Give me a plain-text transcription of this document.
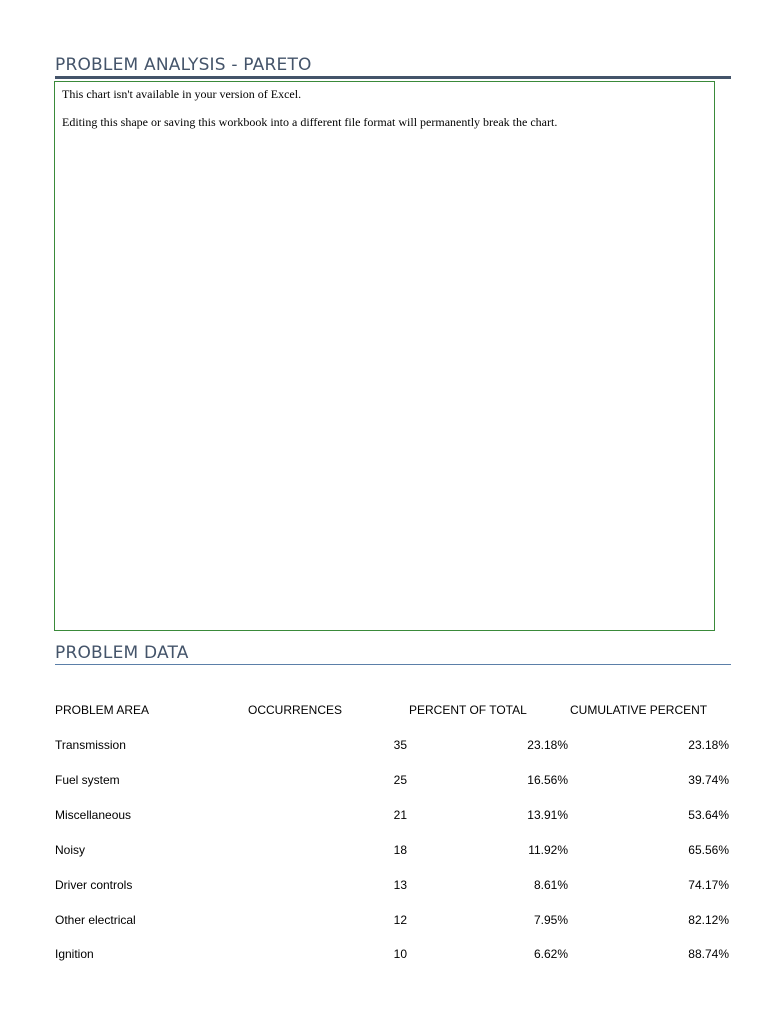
PROBLEM ANALYSIS - PARETO
This chart isn't available in your version of Excel.
Editing this shape or saving this workbook into a different file format will permanently break the chart.
PROBLEM DATA
PROBLEM AREA	OCCURRENCES	PERCENT OF TOTAL	CUMULATIVE PERCENT
Transmission	35	23.18%	23.18%
Fuel system	25	16.56%	39.74%
Miscellaneous	21	13.91%	53.64%
Noisy	18	11.92%	65.56%
Driver controls	13	8.61%	74.17%
Other electrical	12	7.95%	82.12%
Ignition	10	6.62%	88.74%
